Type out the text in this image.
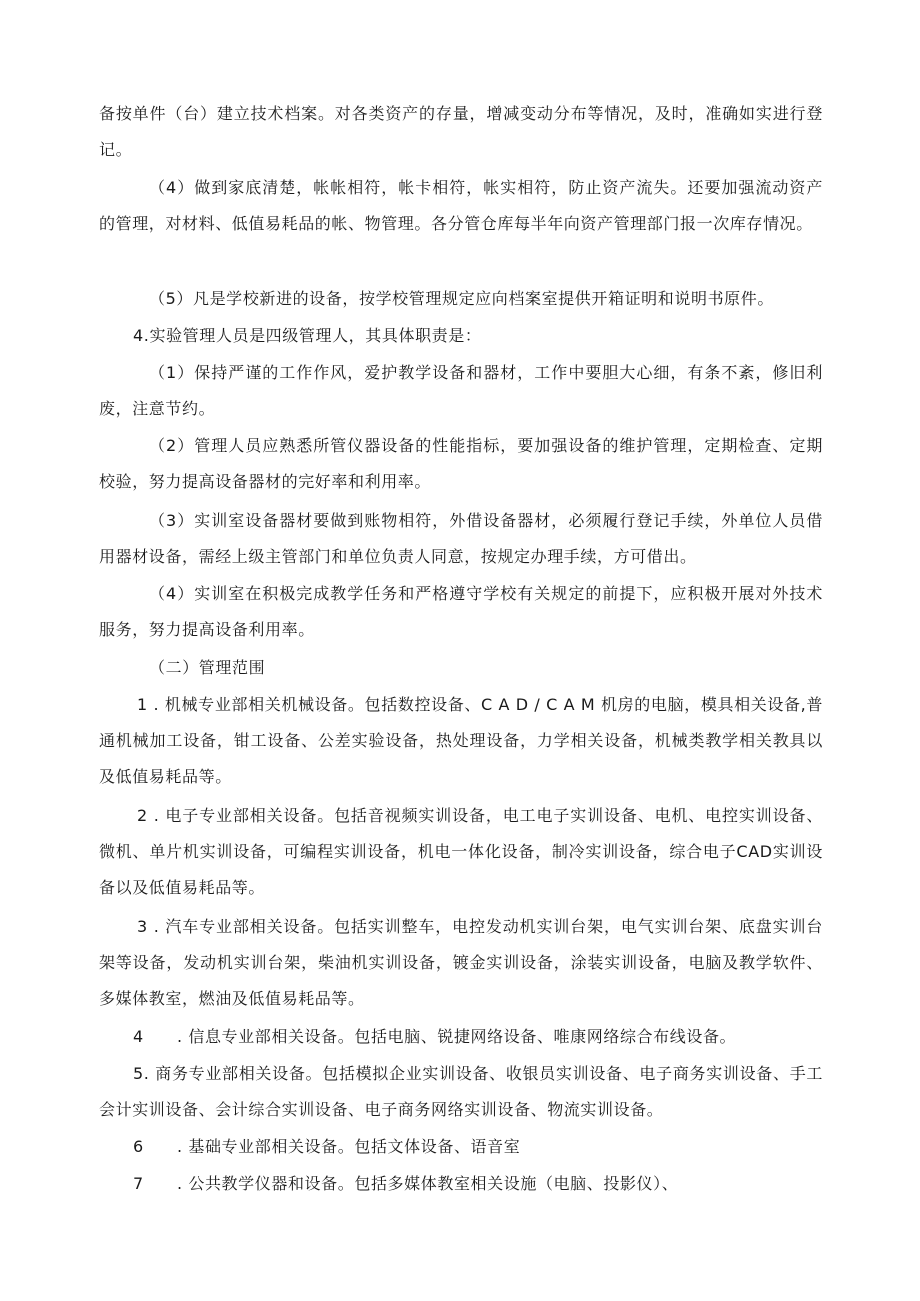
备按单件（台）建立技术档案。对各类资产的存量，增减变动分布等情况，及时，准确如实进行登记。

（4）做到家底清楚，帐帐相符，帐卡相符，帐实相符，防止资产流失。还要加强流动资产的管理，对材料、低值易耗品的帐、物管理。各分管仓库每半年向资产管理部门报一次库存情况。

（5）凡是学校新进的设备，按学校管理规定应向档案室提供开箱证明和说明书原件。

4.实验管理人员是四级管理人，其具体职责是：

（1）保持严谨的工作作风，爱护教学设备和器材，工作中要胆大心细，有条不紊，修旧利废，注意节约。

（2）管理人员应熟悉所管仪器设备的性能指标，要加强设备的维护管理，定期检查、定期校验，努力提高设备器材的完好率和利用率。

（3）实训室设备器材要做到账物相符，外借设备器材，必须履行登记手续，外单位人员借用器材设备，需经上级主管部门和单位负责人同意，按规定办理手续，方可借出。

（4）实训室在积极完成教学任务和严格遵守学校有关规定的前提下，应积极开展对外技术服务，努力提高设备利用率。

（二）管理范围

1 . 机械专业部相关机械设备。包括数控设备、C A D / C A M 机房的电脑，模具相关设备,普通机械加工设备，钳工设备、公差实验设备，热处理设备，力学相关设备，机械类教学相关教具以及低值易耗品等。

2 . 电子专业部相关设备。包括音视频实训设备，电工电子实训设备、电机、电控实训设备、微机、单片机实训设备，可编程实训设备，机电一体化设备，制冷实训设备，综合电子CAD实训设备以及低值易耗品等。

3 . 汽车专业部相关设备。包括实训整车，电控发动机实训台架，电气实训台架、底盘实训台架等设备，发动机实训台架，柴油机实训设备，镀金实训设备，涂装实训设备，电脑及教学软件、多媒体教室，燃油及低值易耗品等。

4　　. 信息专业部相关设备。包括电脑、锐捷网络设备、唯康网络综合布线设备。

5. 商务专业部相关设备。包括模拟企业实训设备、收银员实训设备、电子商务实训设备、手工会计实训设备、会计综合实训设备、电子商务网络实训设备、物流实训设备。

6　　. 基础专业部相关设备。包括文体设备、语音室

7　　. 公共教学仪器和设备。包括多媒体教室相关设施（电脑、投影仪）、
